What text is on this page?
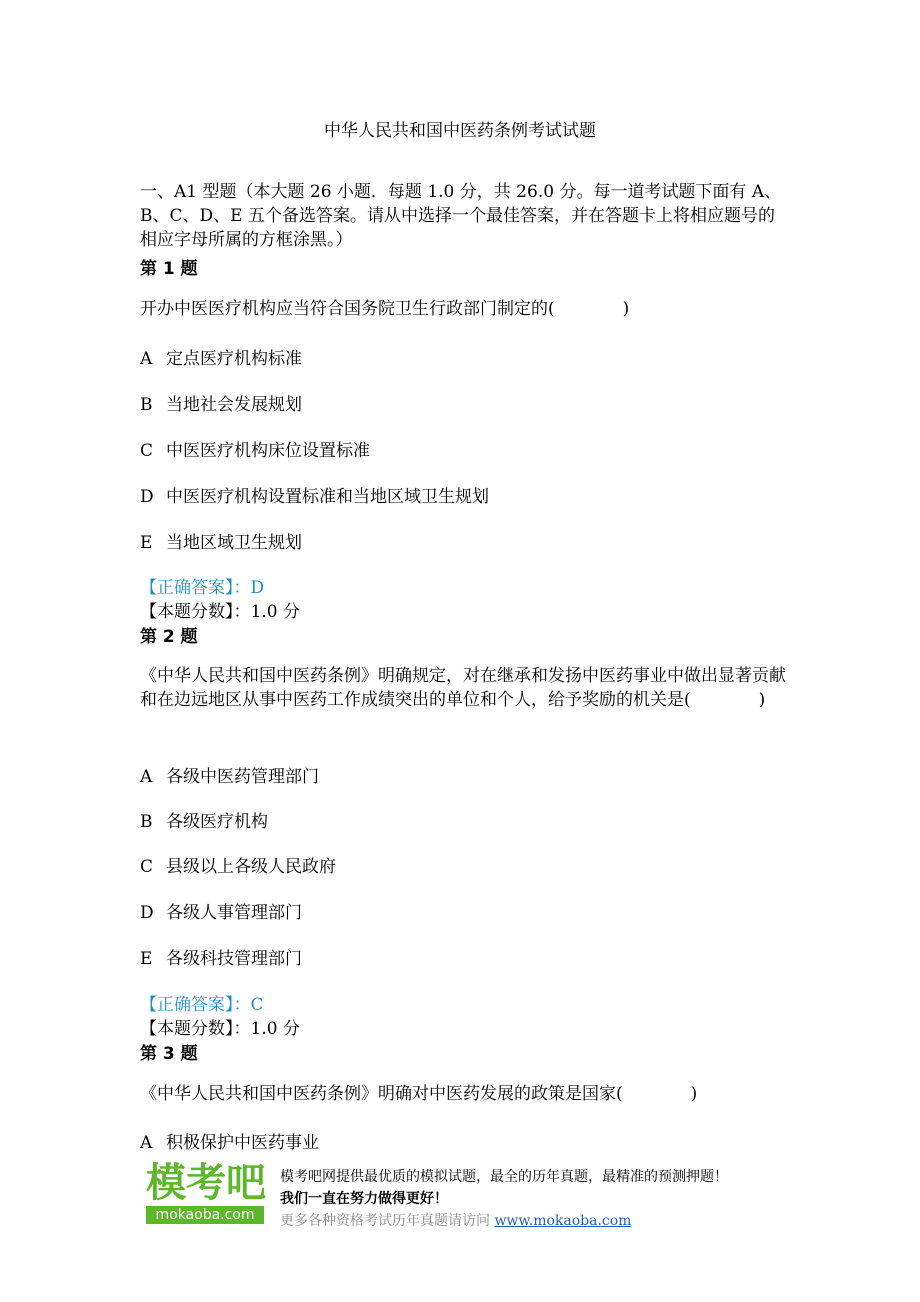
中华人民共和国中医药条例考试试题
一、A1 型题（本大题 26 小题．每题 1.0 分，共 26.0 分。每一道考试题下面有 A、B、C、D、E 五个备选答案。请从中选择一个最佳答案，并在答题卡上将相应题号的相应字母所属的方框涂黑。）
第 1 题
开办中医医疗机构应当符合国务院卫生行政部门制定的(　　　　)
A 定点医疗机构标准
B 当地社会发展规划
C 中医医疗机构床位设置标准
D 中医医疗机构设置标准和当地区域卫生规划
E 当地区域卫生规划
【正确答案】：D
【本题分数】：1.0 分
第 2 题
《中华人民共和国中医药条例》明确规定，对在继承和发扬中医药事业中做出显著贡献和在边远地区从事中医药工作成绩突出的单位和个人，给予奖励的机关是(　　　　)
A 各级中医药管理部门
B 各级医疗机构
C 县级以上各级人民政府
D 各级人事管理部门
E 各级科技管理部门
【正确答案】：C
【本题分数】：1.0 分
第 3 题
《中华人民共和国中医药条例》明确对中医药发展的政策是国家(　　　　)
A 积极保护中医药事业
模考吧
mokaoba.com
模考吧网提供最优质的模拟试题，最全的历年真题，最精准的预测押题！
我们一直在努力做得更好！
更多各种资格考试历年真题请访问 www.mokaoba.com
